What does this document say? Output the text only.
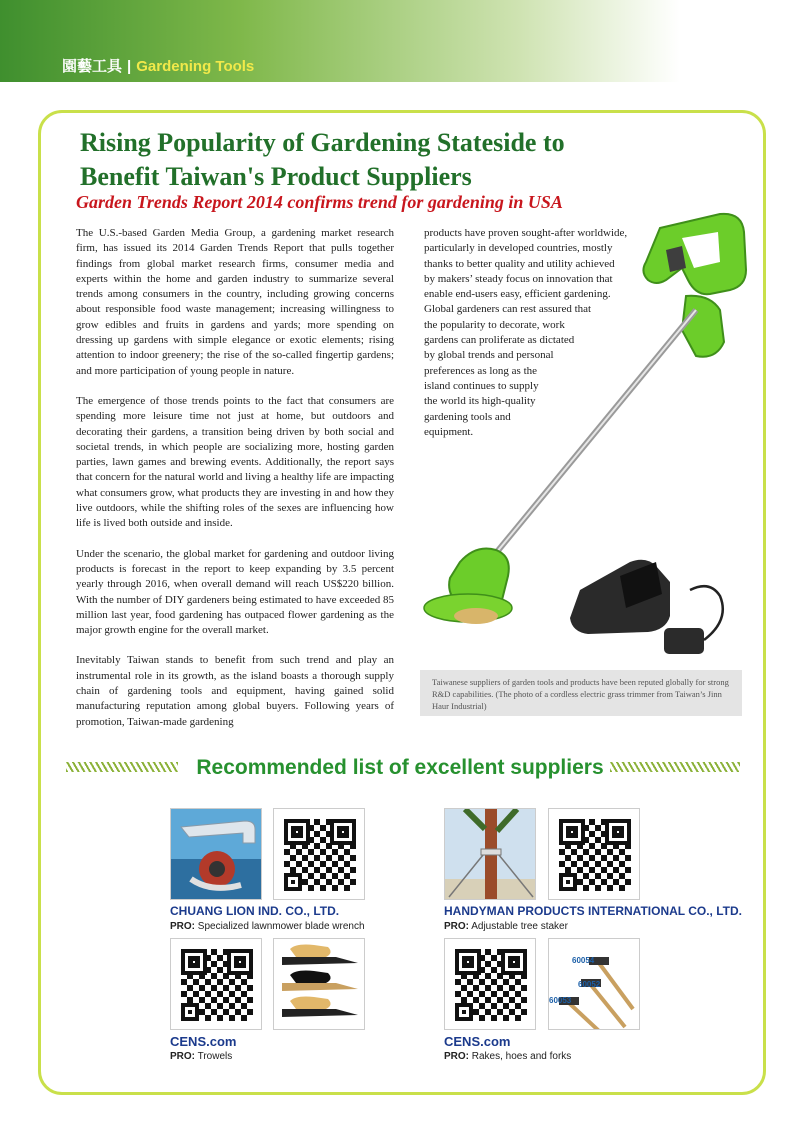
園藝工具 | Gardening Tools
Rising Popularity of Gardening Stateside to Benefit Taiwan's Product Suppliers
Garden Trends Report 2014 confirms trend for gardening in USA

The U.S.-based Garden Media Group, a gardening market research firm, has issued its 2014 Garden Trends Report that pulls together findings from global market research firms, consumer media and experts within the home and garden industry to summarize several trends among consumers in the country, including growing concerns about responsible food waste management; increasing willingness to grow edibles and fruits in gardens and yards; more spending on dressing up gardens with simple elegance or exotic elements; rising attention to indoor greenery; the rise of the so-called fingertip gardens; and more participation of young people in nature.

The emergence of those trends points to the fact that consumers are spending more leisure time not just at home, but outdoors and decorating their gardens, a transition being driven by both social and societal trends, in which people are socializing more, hosting garden parties, lawn games and brewing events. Additionally, the report says that concern for the natural world and living a healthy life are impacting what consumers grow, what products they are investing in and how they live outdoors, while the shifting roles of the sexes are influencing how life is lived both outside and inside.

Under the scenario, the global market for gardening and outdoor living products is forecast in the report to keep expanding by 3.5 percent yearly through 2016, when overall demand will reach US$220 billion. With the number of DIY gardeners being estimated to have exceeded 85 million last year, food gardening has outpaced flower gardening as the major growth engine for the overall market.

Inevitably Taiwan stands to benefit from such trend and play an instrumental role in its growth, as the island boasts a thorough supply chain of gardening tools and equipment, having gained solid manufacturing reputation among global buyers. Following years of promotion, Taiwan-made gardening

products have proven sought-after worldwide,
particularly in developed countries, mostly
thanks to better quality and utility achieved
by makers’ steady focus on innovation that
enable end-users easy, efficient gardening.
Global gardeners can rest assured that
the popularity to decorate, work
gardens can proliferate as dictated
by global trends and personal
preferences as long as the
island continues to supply
the world its high-quality
gardening tools and
equipment.
Taiwanese suppliers of garden tools and products have been reputed globally for strong R&D capabilities. (The photo of a cordless electric grass trimmer from Taiwan’s Jinn Haur Industrial)
Recommended list of excellent suppliers
CHUANG LION IND. CO., LTD.
PRO: Specialized lawnmower blade wrench
HANDYMAN PRODUCTS INTERNATIONAL CO., LTD.
PRO: Adjustable tree staker
CENS.com
PRO: Trowels
60054
60052
60053
CENS.com
PRO: Rakes, hoes and forks
